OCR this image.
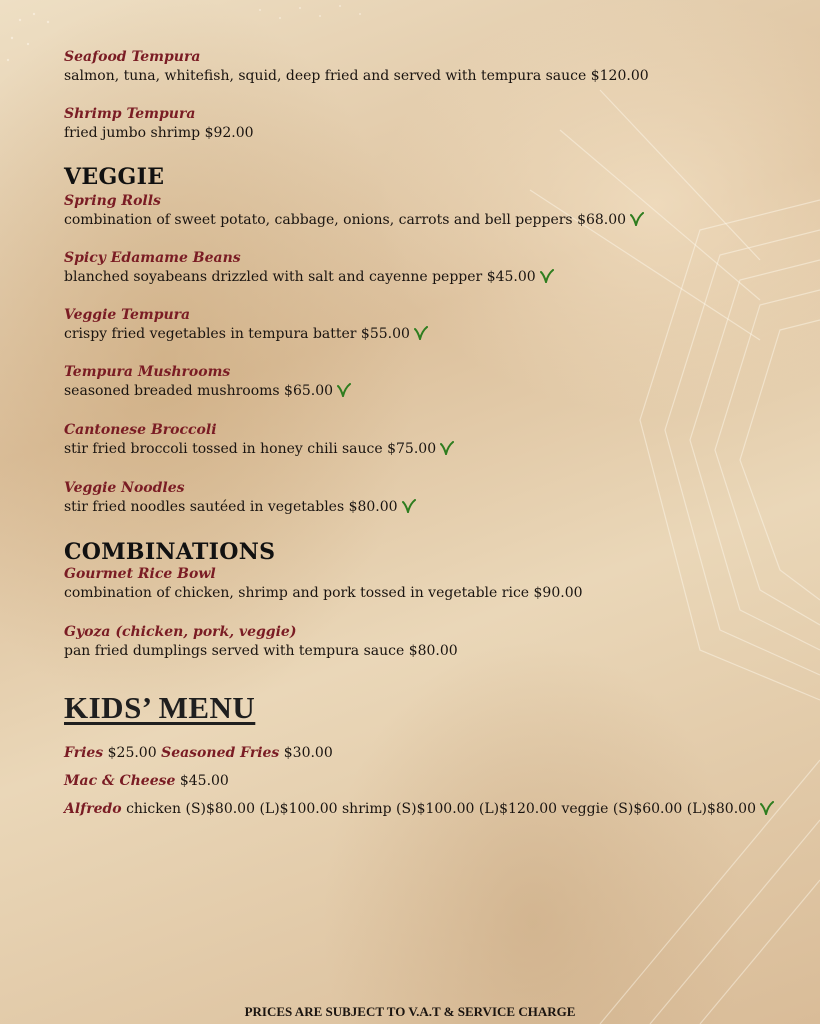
Seafood Tempura
salmon, tuna, whitefish, squid, deep fried and served with tempura sauce $120.00
Shrimp Tempura
fried jumbo shrimp $92.00
VEGGIE
Spring Rolls
combination of sweet potato, cabbage, onions, carrots and bell peppers $68.00
Spicy Edamame Beans
blanched soyabeans drizzled with salt and cayenne pepper $45.00
Veggie Tempura
crispy fried vegetables in tempura batter $55.00
Tempura Mushrooms
seasoned breaded mushrooms $65.00
Cantonese Broccoli
stir fried broccoli tossed in honey chili sauce $75.00
Veggie Noodles
stir fried noodles sautéed in vegetables $80.00
COMBINATIONS
Gourmet Rice Bowl
combination of chicken, shrimp and pork tossed in vegetable rice $90.00
Gyoza (chicken, pork, veggie)
pan fried dumplings served with tempura sauce $80.00
KIDS’ MENU
Fries $25.00 Seasoned Fries $30.00
Mac & Cheese $45.00
Alfredo chicken (S)$80.00 (L)$100.00 shrimp (S)$100.00 (L)$120.00 veggie (S)$60.00 (L)$80.00
PRICES ARE SUBJECT TO V.A.T & SERVICE CHARGE
